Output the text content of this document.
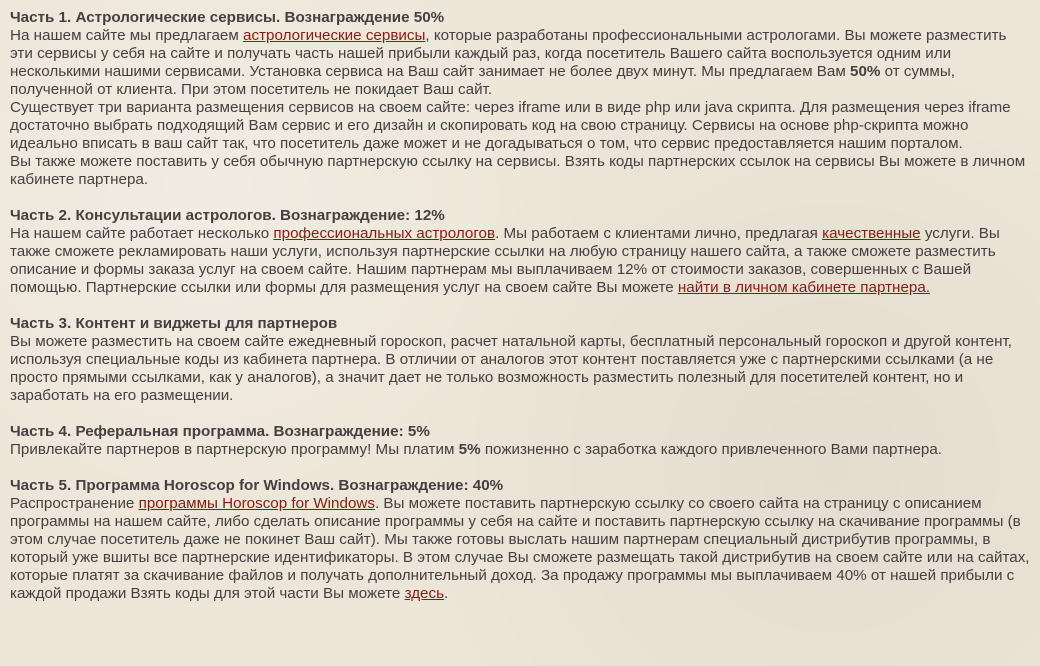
Часть 1. Астрологические сервисы. Вознаграждение 50%

На нашем сайте мы предлагаем астрологические сервисы, которые разработаны профессиональными астрологами. Вы можете разместить эти сервисы у себя на сайте и получать часть нашей прибыли каждый раз, когда посетитель Вашего сайта воспользуется одним или несколькими нашими сервисами. Установка сервиса на Ваш сайт занимает не более двух минут. Мы предлагаем Вам 50% от суммы, полученной от клиента. При этом посетитель не покидает Ваш сайт.

Существует три варианта размещения сервисов на своем сайте: через iframe или в виде php или java скрипта. Для размещения через iframe достаточно выбрать подходящий Вам сервис и его дизайн и скопировать код на свою страницу. Сервисы на основе php-скрипта можно идеально вписать в ваш сайт так, что посетитель даже может и не догадываться о том, что сервис предоставляется нашим порталом.

Вы также можете поставить у себя обычную партнерскую ссылку на сервисы. Взять коды партнерских ссылок на сервисы Вы можете в личном кабинете партнера.

Часть 2. Консультации астрологов. Вознаграждение: 12%

На нашем сайте работает несколько профессиональных астрологов. Мы работаем с клиентами лично, предлагая качественные услуги. Вы также сможете рекламировать наши услуги, используя партнерские ссылки на любую страницу нашего сайта, а также сможете разместить описание и формы заказа услуг на своем сайте. Нашим партнерам мы выплачиваем 12% от стоимости заказов, совершенных с Вашей помощью. Партнерские ссылки или формы для размещения услуг на своем сайте Вы можете найти в личном кабинете партнера.

Часть 3. Контент и виджеты для партнеров

Вы можете разместить на своем сайте ежедневный гороскоп, расчет натальной карты, бесплатный персональный гороскоп и другой контент, используя специальные коды из кабинета партнера. В отличии от аналогов этот контент поставляется уже с партнерскими ссылками (а не просто прямыми ссылками, как у аналогов), а значит дает не только возможность разместить полезный для посетителей контент, но и заработать на его размещении.

Часть 4. Реферальная программа. Вознаграждение: 5%

Привлекайте партнеров в партнерскую программу! Мы платим 5% пожизненно с заработка каждого привлеченного Вами партнера.

Часть 5. Программа Horoscop for Windows. Вознаграждение: 40%

Распространение программы Horoscop for Windows. Вы можете поставить партнерскую ссылку со своего сайта на страницу с описанием программы на нашем сайте, либо сделать описание программы у себя на сайте и поставить партнерскую ссылку на скачивание программы (в этом случае посетитель даже не покинет Ваш сайт). Мы также готовы выслать нашим партнерам специальный дистрибутив программы, в который уже вшиты все партнерские идентификаторы. В этом случае Вы сможете размещать такой дистрибутив на своем сайте или на сайтах, которые платят за скачивание файлов и получать дополнительный доход. За продажу программы мы выплачиваем 40% от нашей прибыли с каждой продажи Взять коды для этой части Вы можете здесь.
